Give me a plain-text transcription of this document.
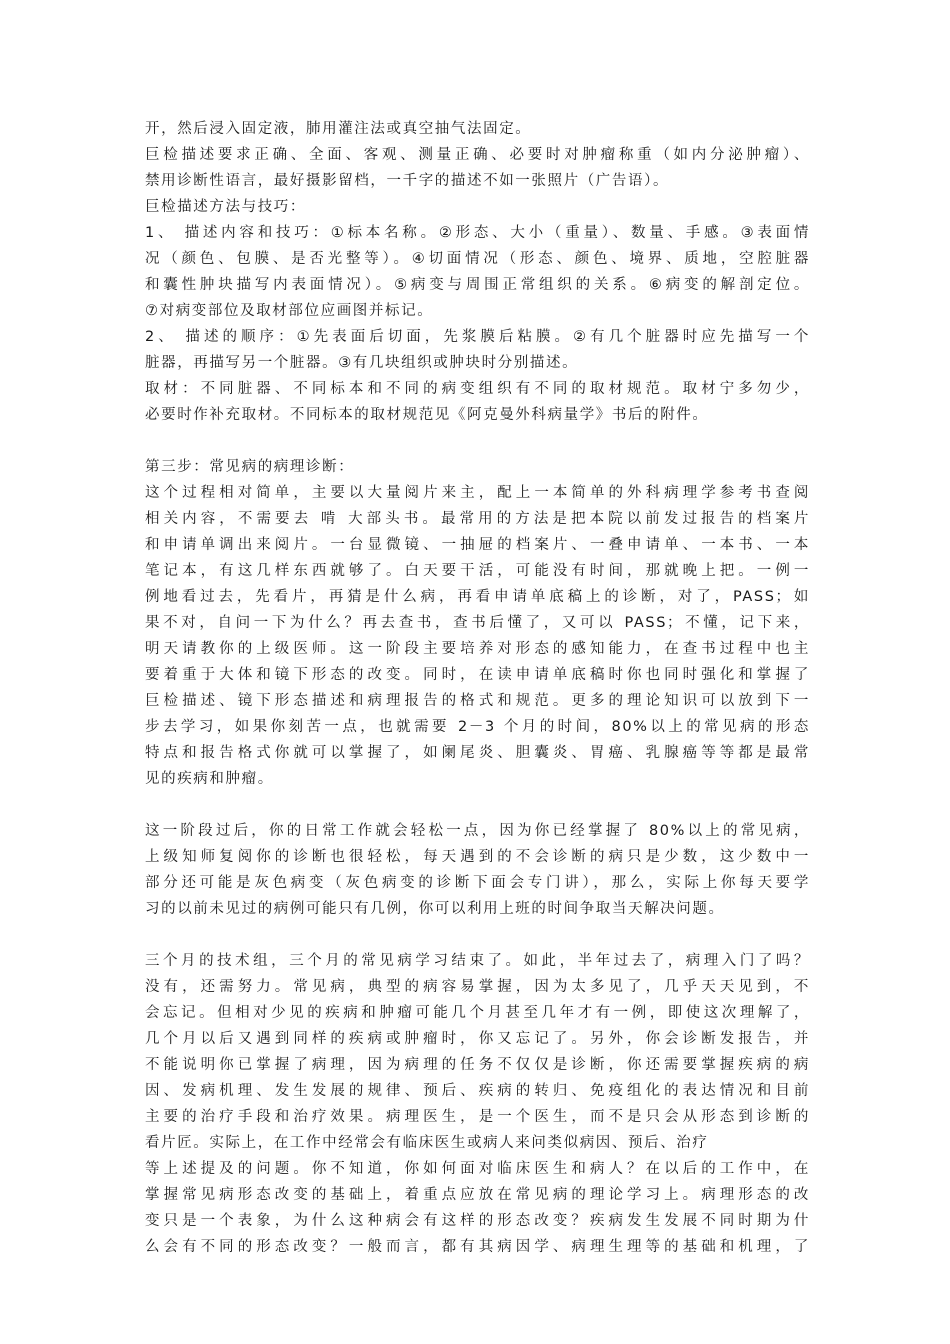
开，然后浸入固定液，肺用灌注法或真空抽气法固定。
巨检描述要求正确、全面、客观、测量正确、必要时对肿瘤称重（如内分泌肿瘤）、
禁用诊断性语言，最好摄影留档，一千字的描述不如一张照片（广告语）。
巨检描述方法与技巧：
1、 描述内容和技巧：①标本名称。②形态、大小（重量）、数量、手感。③表面情
况（颜色、包膜、是否光整等）。④切面情况（形态、颜色、境界、质地，空腔脏器
和囊性肿块描写内表面情况）。⑤病变与周围正常组织的关系。⑥病变的解剖定位。
⑦对病变部位及取材部位应画图并标记。
2、 描述的顺序：①先表面后切面，先浆膜后粘膜。②有几个脏器时应先描写一个
脏器，再描写另一个脏器。③有几块组织或肿块时分别描述。
取材：不同脏器、不同标本和不同的病变组织有不同的取材规范。取材宁多勿少，
必要时作补充取材。不同标本的取材规范见《阿克曼外科病量学》书后的附件。
第三步：常见病的病理诊断：
这个过程相对简单，主要以大量阅片来主，配上一本简单的外科病理学参考书查阅
相关内容，不需要去 啃 大部头书。最常用的方法是把本院以前发过报告的档案片
和申请单调出来阅片。一台显微镜、一抽屉的档案片、一叠申请单、一本书、一本
笔记本，有这几样东西就够了。白天要干活，可能没有时间，那就晚上把。一例一
例地看过去，先看片，再猜是什么病，再看申请单底稿上的诊断，对了，PASS；如
果不对，自问一下为什么？再去查书，查书后懂了，又可以 PASS；不懂，记下来，
明天请教你的上级医师。这一阶段主要培养对形态的感知能力，在查书过程中也主
要着重于大体和镜下形态的改变。同时，在读申请单底稿时你也同时强化和掌握了
巨检描述、镜下形态描述和病理报告的格式和规范。更多的理论知识可以放到下一
步去学习，如果你刻苦一点，也就需要 2－3 个月的时间，80%以上的常见病的形态
特点和报告格式你就可以掌握了，如阑尾炎、胆囊炎、胃癌、乳腺癌等等都是最常
见的疾病和肿瘤。
这一阶段过后，你的日常工作就会轻松一点，因为你已经掌握了 80%以上的常见病，
上级知师复阅你的诊断也很轻松，每天遇到的不会诊断的病只是少数，这少数中一
部分还可能是灰色病变（灰色病变的诊断下面会专门讲），那么，实际上你每天要学
习的以前未见过的病例可能只有几例，你可以利用上班的时间争取当天解决问题。
三个月的技术组，三个月的常见病学习结束了。如此，半年过去了，病理入门了吗？
没有，还需努力。常见病，典型的病容易掌握，因为太多见了，几乎天天见到，不
会忘记。但相对少见的疾病和肿瘤可能几个月甚至几年才有一例，即使这次理解了，
几个月以后又遇到同样的疾病或肿瘤时，你又忘记了。另外，你会诊断发报告，并
不能说明你已掌握了病理，因为病理的任务不仅仅是诊断，你还需要掌握疾病的病
因、发病机理、发生发展的规律、预后、疾病的转归、免疫组化的表达情况和目前
主要的治疗手段和治疗效果。病理医生，是一个医生，而不是只会从形态到诊断的
看片匠。实际上，在工作中经常会有临床医生或病人来问类似病因、预后、治疗
等上述提及的问题。你不知道，你如何面对临床医生和病人？在以后的工作中，在
掌握常见病形态改变的基础上，着重点应放在常见病的理论学习上。病理形态的改
变只是一个表象，为什么这种病会有这样的形态改变？疾病发生发展不同时期为什
么会有不同的形态改变？一般而言，都有其病因学、病理生理等的基础和机理，了
